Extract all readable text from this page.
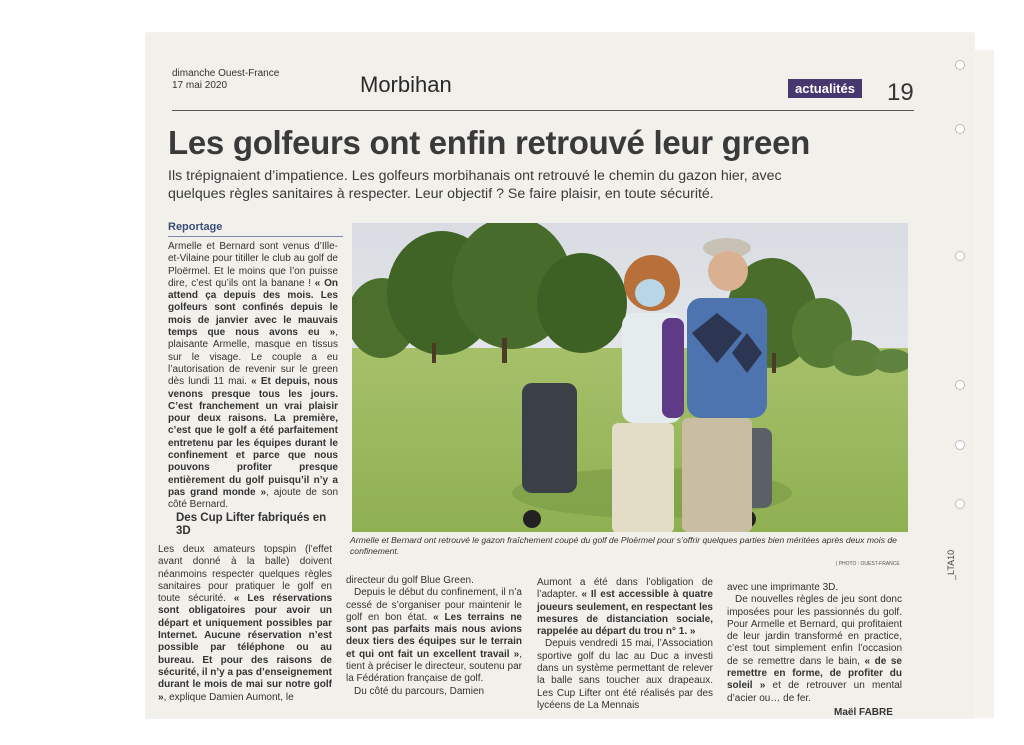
dimanche Ouest-France
17 mai 2020	Morbihan	actualités 19
Les golfeurs ont enfin retrouvé leur green
Ils trépignaient d’impatience. Les golfeurs morbihanais ont retrouvé le chemin du gazon hier, avec quelques règles sanitaires à respecter. Leur objectif ? Se faire plaisir, en toute sécurité.
Reportage
Armelle et Bernard sont venus d’Ille-et-Vilaine pour titiller le club au golf de Ploërmel. Et le moins que l’on puisse dire, c’est qu’ils ont la banane ! « On attend ça depuis des mois. Les golfeurs sont confinés depuis le mois de janvier avec le mauvais temps que nous avons eu », plaisante Armelle, masque en tissus sur le visage. Le couple a eu l’autorisation de revenir sur le green dès lundi 11 mai. « Et depuis, nous venons presque tous les jours. C’est franchement un vrai plaisir pour deux raisons. La première, c’est que le golf a été parfaitement entretenu par les équipes durant le confinement et parce que nous pouvons profiter presque entièrement du golf puisqu’il n’y a pas grand monde », ajoute de son côté Bernard.
Des Cup Lifter fabriqués en 3D
Les deux amateurs topspin (l’effet avant donné à la balle) doivent néanmoins respecter quelques règles sanitaires pour pratiquer le golf en toute sécurité. « Les réservations sont obligatoires pour avoir un départ et uniquement possibles par Internet. Aucune réservation n’est possible par téléphone ou au bureau. Et pour des raisons de sécurité, il n’y a pas d’enseignement durant le mois de mai sur notre golf », explique Damien Aumont, le
Armelle et Bernard ont retrouvé le gazon fraîchement coupé du golf de Ploërmel pour s’offrir quelques parties bien méritées après deux mois de confinement.
| PHOTO : OUEST-FRANCE
directeur du golf Blue Green.
Depuis le début du confinement, il n’a cessé de s’organiser pour maintenir le golf en bon état. « Les terrains ne sont pas parfaits mais nous avions deux tiers des équipes sur le terrain et qui ont fait un excellent travail », tient à préciser le directeur, soutenu par la Fédération française de golf.
Du côté du parcours, Damien
Aumont a été dans l’obligation de l’adapter. « Il est accessible à quatre joueurs seulement, en respectant les mesures de distanciation sociale, rappelée au départ du trou n° 1. »
Depuis vendredi 15 mai, l’Association sportive golf du lac au Duc a investi dans un système permettant de relever la balle sans toucher aux drapeaux. Les Cup Lifter ont été réalisés par des lycéens de La Mennais
avec une imprimante 3D.
De nouvelles règles de jeu sont donc imposées pour les passionnés du golf. Pour Armelle et Bernard, qui profitaient de leur jardin transformé en practice, c’est tout simplement enfin l’occasion de se remettre dans le bain, « de se remettre en forme, de profiter du soleil » et de retrouver un mental d’acier ou… de fer.
Maël FABRE
_LTA10
